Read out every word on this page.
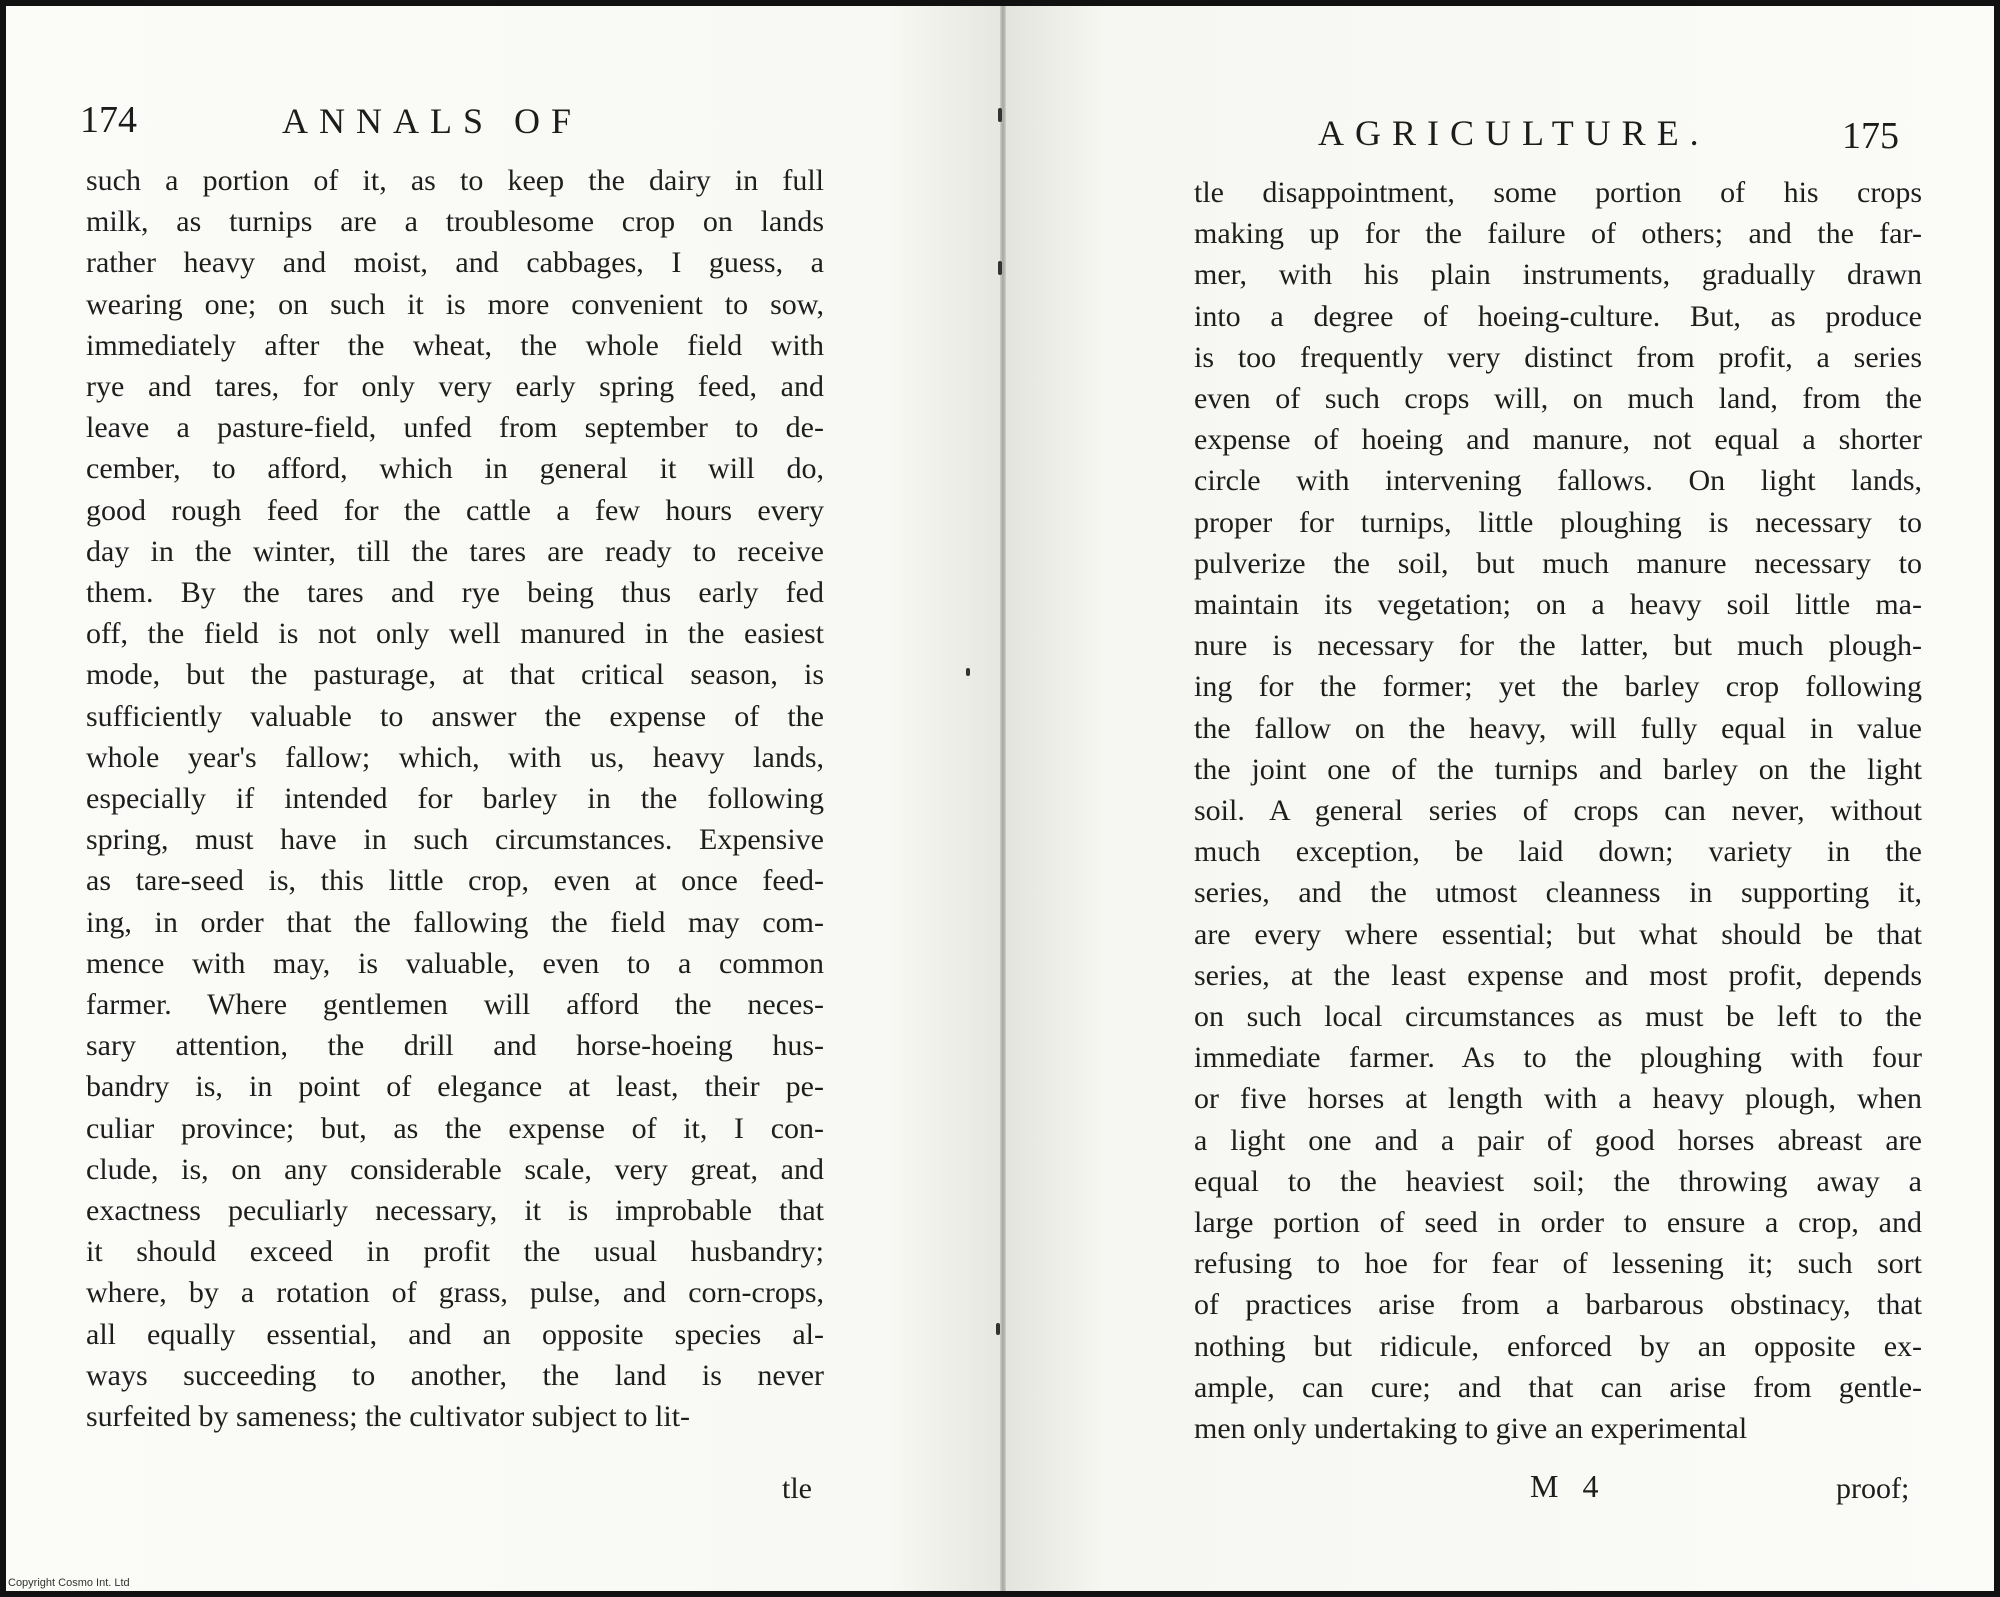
174	ANNALS OF
such a portion of it, as to keep the dairy in full
milk, as turnips are a troublesome crop on lands
rather heavy and moist, and cabbages, I guess, a
wearing one; on such it is more convenient to sow,
immediately after the wheat, the whole field with
rye and tares, for only very early spring feed, and
leave a pasture-field, unfed from september to de-
cember, to afford, which in general it will do,
good rough feed for the cattle a few hours every
day in the winter, till the tares are ready to receive
them. By the tares and rye being thus early fed
off, the field is not only well manured in the easiest
mode, but the pasturage, at that critical season, is
sufficiently valuable to answer the expense of the
whole year's fallow; which, with us, heavy lands,
especially if intended for barley in the following
spring, must have in such circumstances. Expensive
as tare-seed is, this little crop, even at once feed-
ing, in order that the fallowing the field may com-
mence with may, is valuable, even to a common
farmer. Where gentlemen will afford the neces-
sary attention, the drill and horse-hoeing hus-
bandry is, in point of elegance at least, their pe-
culiar province; but, as the expense of it, I con-
clude, is, on any considerable scale, very great, and
exactness peculiarly necessary, it is improbable that
it should exceed in profit the usual husbandry;
where, by a rotation of grass, pulse, and corn-crops,
all equally essential, and an opposite species al-
ways succeeding to another, the land is never
surfeited by sameness; the cultivator subject to lit-
tle
AGRICULTURE.	175
tle disappointment, some portion of his crops
making up for the failure of others; and the far-
mer, with his plain instruments, gradually drawn
into a degree of hoeing-culture. But, as produce
is too frequently very distinct from profit, a series
even of such crops will, on much land, from the
expense of hoeing and manure, not equal a shorter
circle with intervening fallows. On light lands,
proper for turnips, little ploughing is necessary to
pulverize the soil, but much manure necessary to
maintain its vegetation; on a heavy soil little ma-
nure is necessary for the latter, but much plough-
ing for the former; yet the barley crop following
the fallow on the heavy, will fully equal in value
the joint one of the turnips and barley on the light
soil. A general series of crops can never, without
much exception, be laid down; variety in the
series, and the utmost cleanness in supporting it,
are every where essential; but what should be that
series, at the least expense and most profit, depends
on such local circumstances as must be left to the
immediate farmer. As to the ploughing with four
or five horses at length with a heavy plough, when
a light one and a pair of good horses abreast are
equal to the heaviest soil; the throwing away a
large portion of seed in order to ensure a crop, and
refusing to hoe for fear of lessening it; such sort
of practices arise from a barbarous obstinacy, that
nothing but ridicule, enforced by an opposite ex-
ample, can cure; and that can arise from gentle-
men only undertaking to give an experimental
M 4	proof;
Copyright Cosmo Int. Ltd
